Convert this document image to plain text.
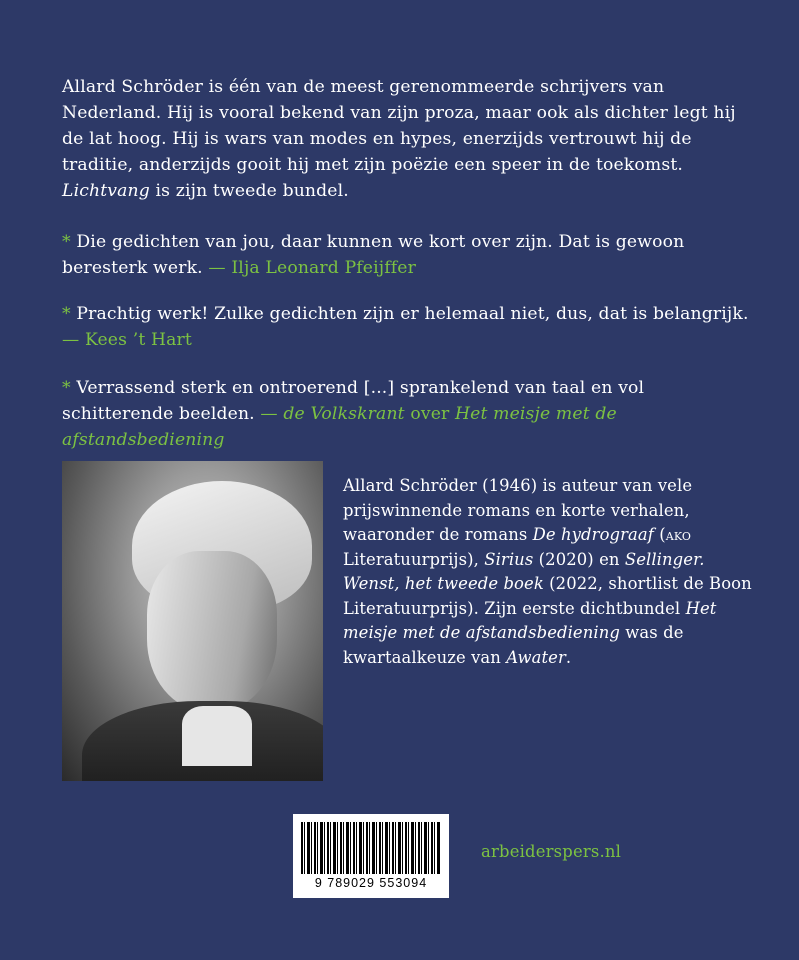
Allard Schröder is één van de meest gerenommeerde schrijvers van Nederland. Hij is vooral bekend van zijn proza, maar ook als dichter legt hij de lat hoog. Hij is wars van modes en hypes, enerzijds vertrouwt hij de traditie, anderzijds gooit hij met zijn poëzie een speer in de toekomst. Lichtvang is zijn tweede bundel.

* Die gedichten van jou, daar kunnen we kort over zijn. Dat is gewoon beresterk werk. — Ilja Leonard Pfeijffer
* Prachtig werk! Zulke gedichten zijn er helemaal niet, dus, dat is belangrijk. — Kees ’t Hart
* Verrassend sterk en ontroerend [...] sprankelend van taal en vol schitterende beelden. — de Volkskrant over Het meisje met de afstandsbediening
Allard Schröder (1946) is auteur van vele prijswinnende romans en korte verhalen, waaronder de romans De hydrograaf (ako Literatuurprijs), Sirius (2020) en Sellinger. Wenst, het tweede boek (2022, shortlist de Boon Literatuurprijs). Zijn eerste dichtbundel Het meisje met de afstandsbediening was de kwartaalkeuze van Awater.
9 789029 553094
arbeiderspers.nl
